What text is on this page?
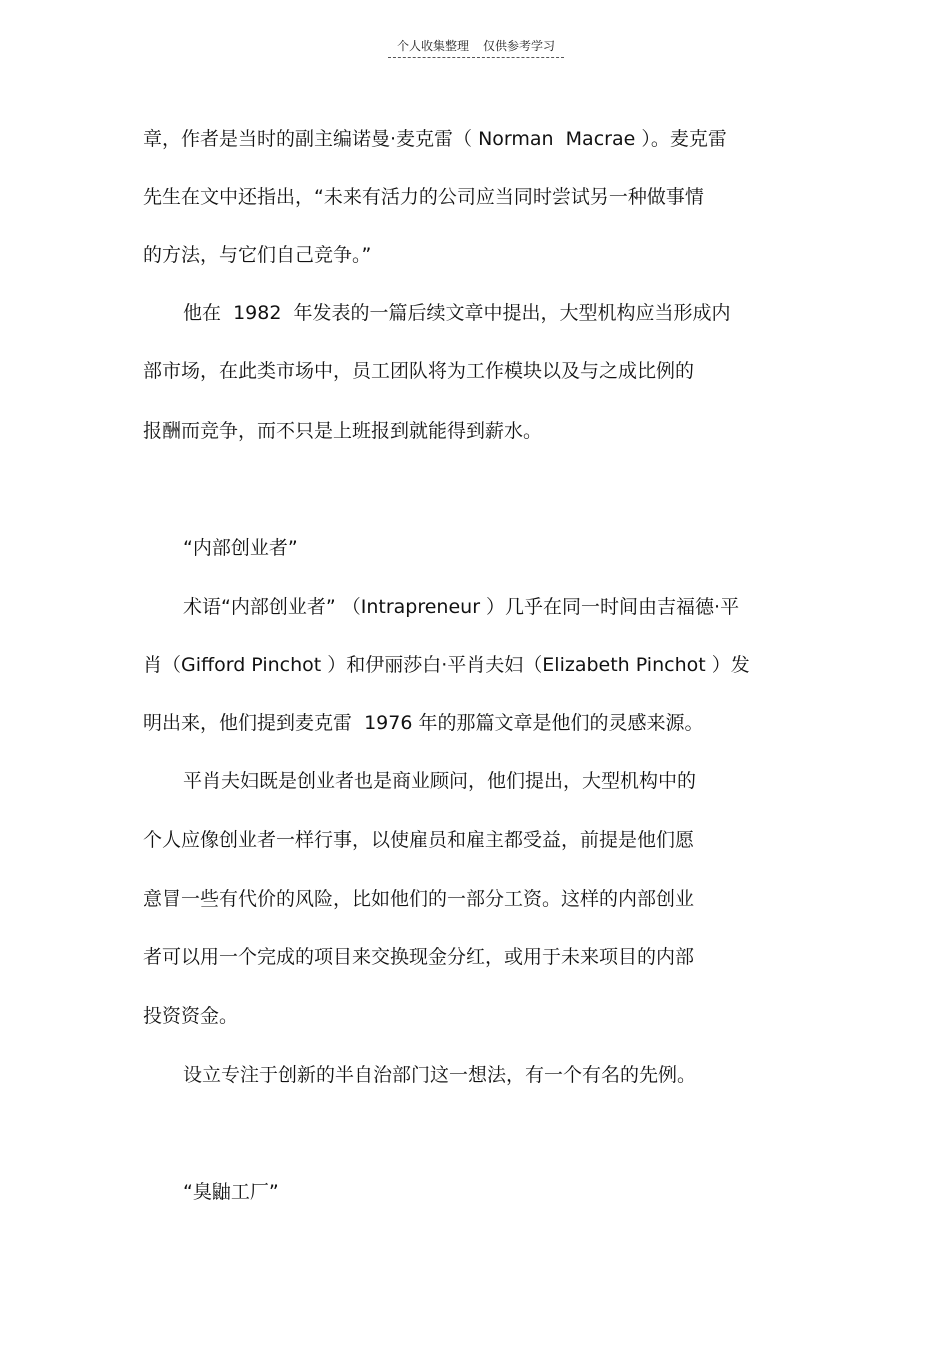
个人收集整理 仅供参考学习
章，作者是当时的副主编诺曼·麦克雷（ Norman  Macrae ）。麦克雷
先生在文中还指出，“未来有活力的公司应当同时尝试另一种做事情
的方法，与它们自己竞争。”
他在  1982  年发表的一篇后续文章中提出，大型机构应当形成内
部市场，在此类市场中，员工团队将为工作模块以及与之成比例的
报酬而竞争，而不只是上班报到就能得到薪水。
“内部创业者”
术语“内部创业者” （Intrapreneur ）几乎在同一时间由吉福德·平
肖（Gifford Pinchot ）和伊丽莎白·平肖夫妇（Elizabeth Pinchot ）发
明出来，他们提到麦克雷  1976 年的那篇文章是他们的灵感来源。
平肖夫妇既是创业者也是商业顾问，他们提出，大型机构中的
个人应像创业者一样行事，以使雇员和雇主都受益，前提是他们愿
意冒一些有代价的风险，比如他们的一部分工资。这样的内部创业
者可以用一个完成的项目来交换现金分红，或用于未来项目的内部
投资资金。
设立专注于创新的半自治部门这一想法，有一个有名的先例。
“臭鼬工厂”
